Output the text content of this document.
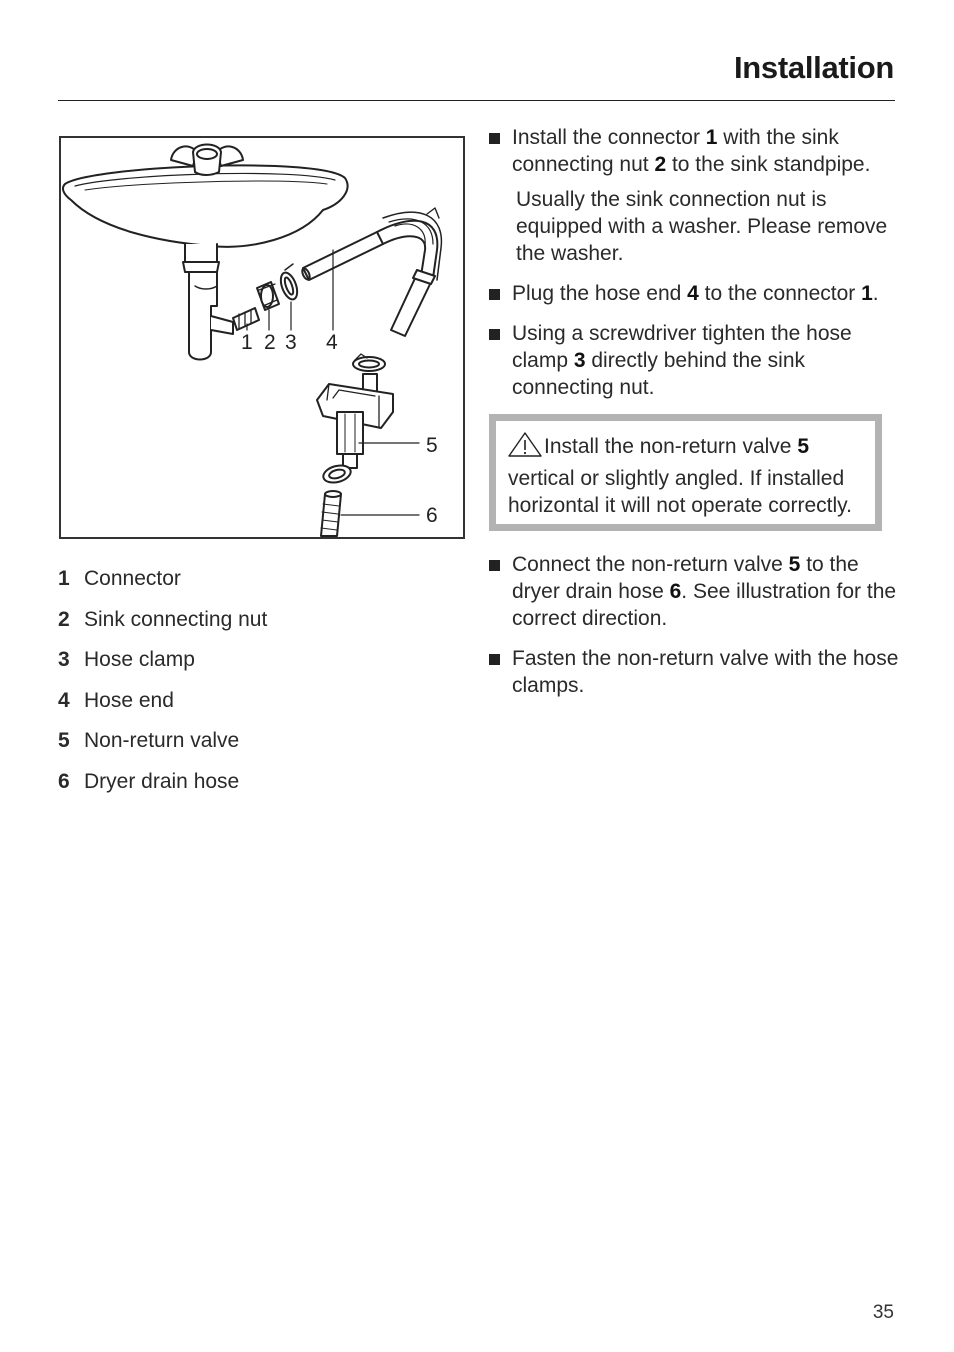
Installation
1 2 3 4
5
6
1 Connector
2 Sink connecting nut
3 Hose clamp
4 Hose end
5 Non-return valve
6 Dryer drain hose
Install the connector 1 with the sink connecting nut 2 to the sink standpipe.
Usually the sink connection nut is equipped with a washer. Please remove the washer.
Plug the hose end 4 to the connector 1.
Using a screwdriver tighten the hose clamp 3 directly behind the sink connecting nut.
Install the non-return valve 5 vertical or slightly angled. If installed horizontal it will not operate correctly.
Connect the non-return valve 5 to the dryer drain hose 6. See illustration for the correct direction.
Fasten the non-return valve with the hose clamps.
35
